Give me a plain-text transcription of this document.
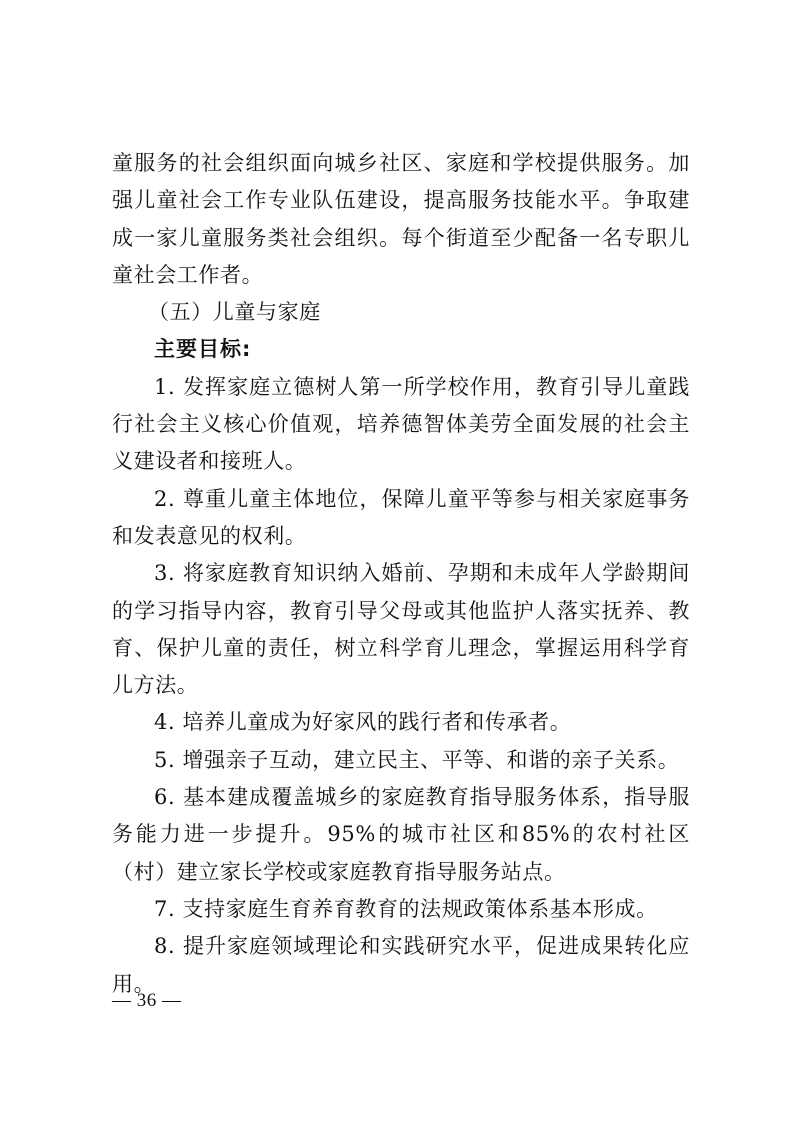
童服务的社会组织面向城乡社区、家庭和学校提供服务。加强儿童社会工作专业队伍建设，提高服务技能水平。争取建成一家儿童服务类社会组织。每个街道至少配备一名专职儿童社会工作者。

（五）儿童与家庭

主要目标:

1. 发挥家庭立德树人第一所学校作用，教育引导儿童践行社会主义核心价值观，培养德智体美劳全面发展的社会主义建设者和接班人。

2. 尊重儿童主体地位，保障儿童平等参与相关家庭事务和发表意见的权利。

3. 将家庭教育知识纳入婚前、孕期和未成年人学龄期间的学习指导内容，教育引导父母或其他监护人落实抚养、教育、保护儿童的责任，树立科学育儿理念，掌握运用科学育儿方法。

4. 培养儿童成为好家风的践行者和传承者。

5. 增强亲子互动，建立民主、平等、和谐的亲子关系。

6. 基本建成覆盖城乡的家庭教育指导服务体系，指导服务能力进一步提升。95%的城市社区和85%的农村社区（村）建立家长学校或家庭教育指导服务站点。

7. 支持家庭生育养育教育的法规政策体系基本形成。

8. 提升家庭领域理论和实践研究水平，促进成果转化应用。

— 36 —
